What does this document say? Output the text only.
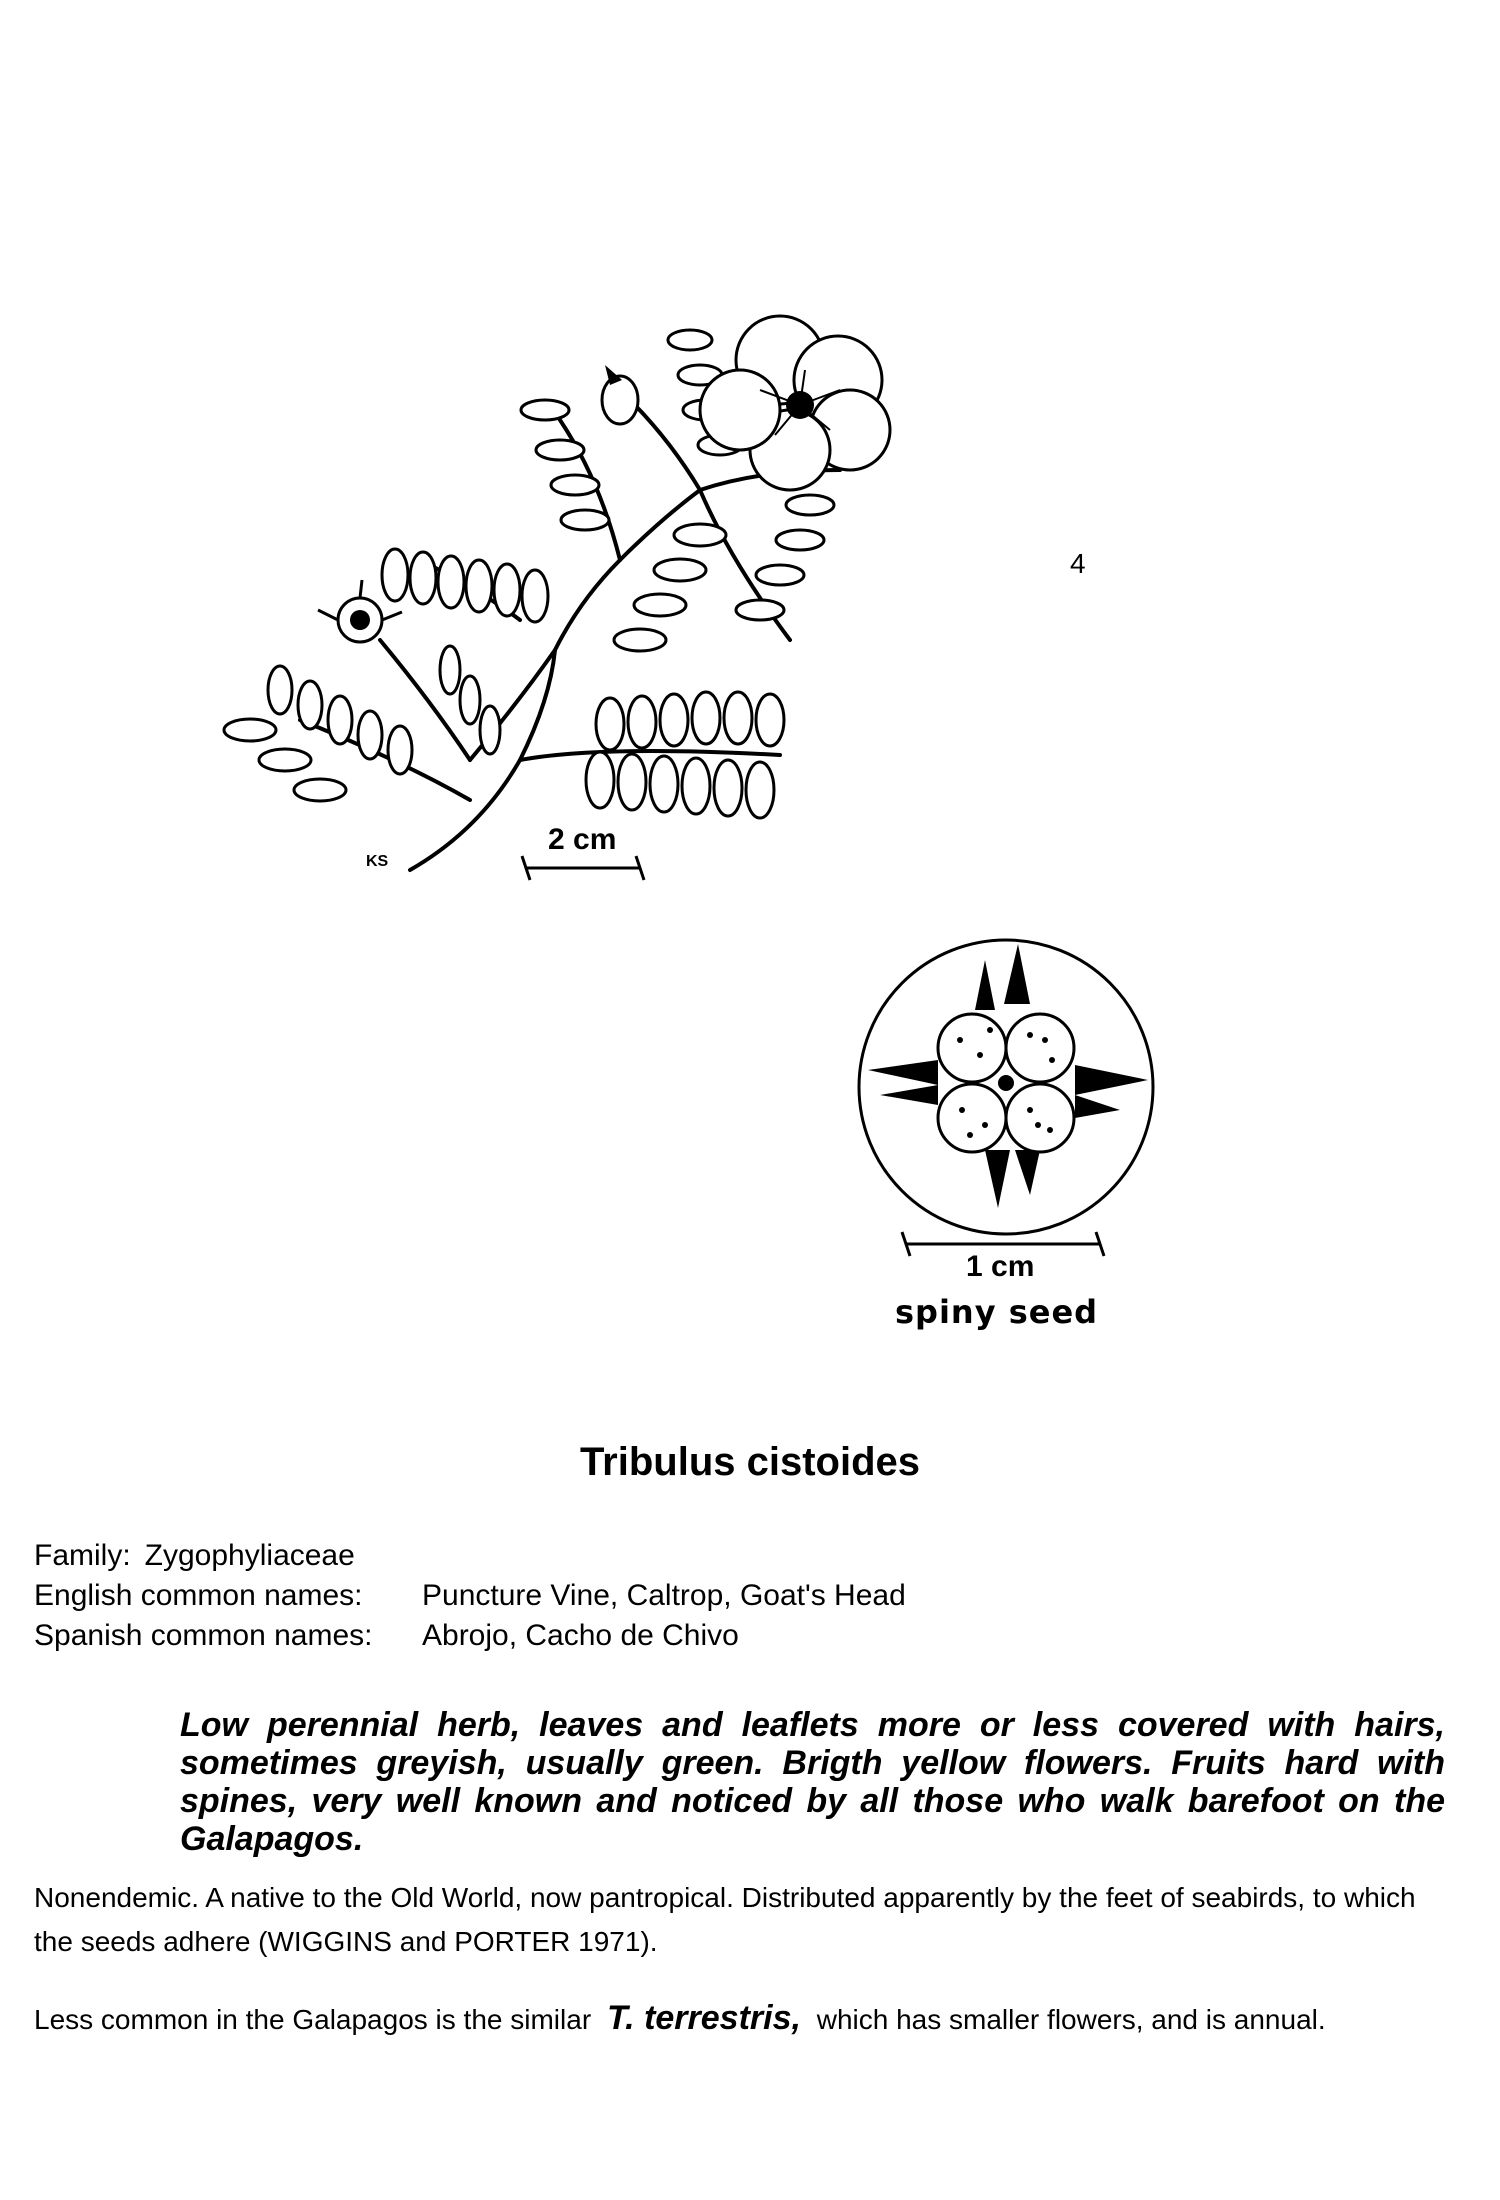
KS
4
2 cm
1 cm
spiny seed
Tribulus cistoides
Family: Zygophyliaceae
English common names:	Puncture Vine, Caltrop, Goat's Head
Spanish common names:	Abrojo, Cacho de Chivo
Low perennial herb, leaves and leaflets more or less covered with hairs, sometimes greyish, usually green. Brigth yellow flowers. Fruits hard with spines, very well known and noticed by all those who walk barefoot on the Galapagos.
Nonendemic. A native to the Old World, now pantropical. Distributed apparently by the feet of seabirds, to which the seeds adhere (WIGGINS and PORTER 1971).
Less common in the Galapagos is the similar T. terrestris, which has smaller flowers, and is annual.
